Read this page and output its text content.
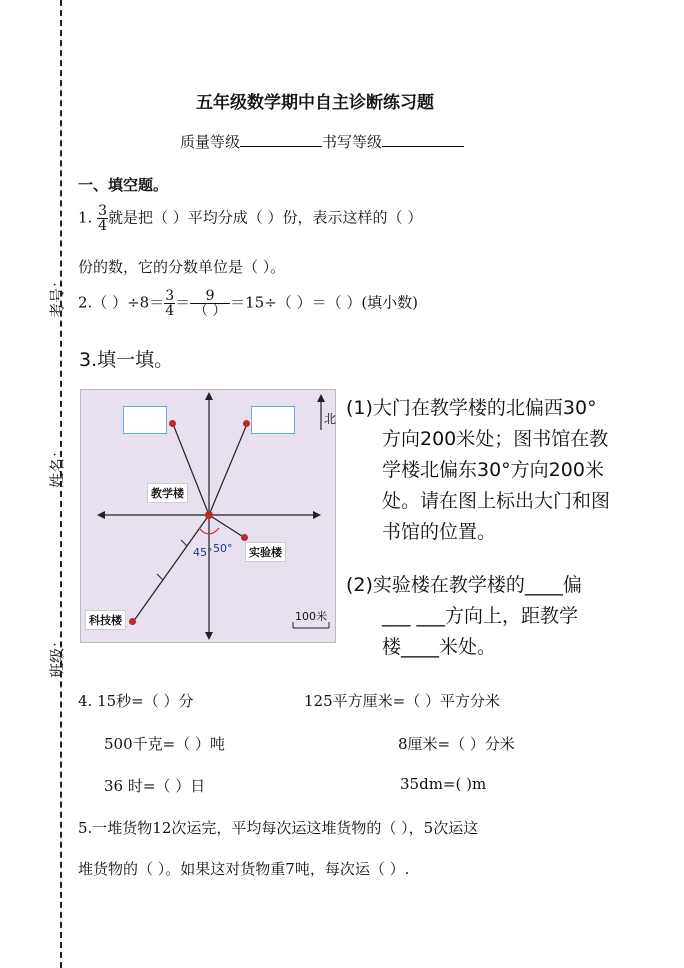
考号：
姓名：
班级：
五年级数学期中自主诊断练习题
质量等级	书写等级
一、填空题。
1. $\frac{3}{4}$ 就是把（ ）平均分成（ ）份，表示这样的（ ）
份的数，它的分数单位是（ ）。
2.（ ）$\div 8= \frac{3}{4} = \frac{9}{( )} =15\div$（ ）＝（ ）(填小数)
3.填一填。
北
教学楼
实验楼
科技楼
45° 50°
100米
(1)大门在教学楼的北偏西30°
方向200米处；图书馆在教
学楼北偏东30°方向200米
处。请在图上标出大门和图
书馆的位置。
(2)实验楼在教学楼的____偏
___ ___方向上，距教学
楼____米处。
4. 15秒=（ ）分	125平方厘米=（ ）平方分米
500千克=（ ）吨	8厘米=（ ）分米
36 时=（ ）日	35dm=( )m
5.一堆货物12次运完，平均每次运这堆货物的（ ），5次运这
堆货物的（ ）。如果这对货物重7吨，每次运（ ）.
